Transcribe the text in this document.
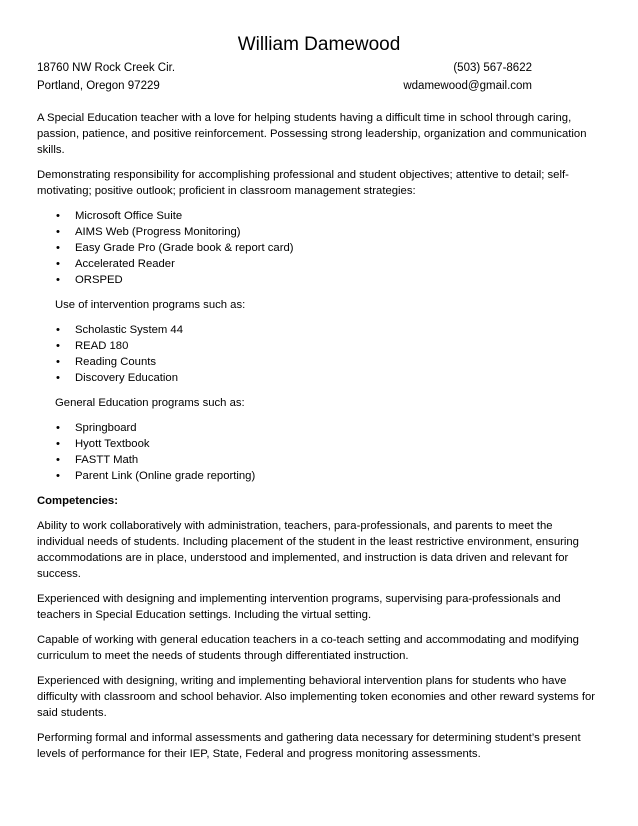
William Damewood
18760 NW Rock Creek Cir.
Portland, Oregon 97229
(503) 567-8622
wdamewood@gmail.com

A Special Education teacher with a love for helping students having a difficult time in school through caring, passion, patience, and positive reinforcement. Possessing strong leadership, organization and communication skills.

Demonstrating responsibility for accomplishing professional and student objectives; attentive to detail; self-motivating; positive outlook; proficient in classroom management strategies:

• Microsoft Office Suite
• AIMS Web (Progress Monitoring)
• Easy Grade Pro (Grade book & report card)
• Accelerated Reader
• ORSPED

Use of intervention programs such as:

• Scholastic System 44
• READ 180
• Reading Counts
• Discovery Education

General Education programs such as:

• Springboard
• Hyott Textbook
• FASTT Math
• Parent Link (Online grade reporting)

Competencies:

Ability to work collaboratively with administration, teachers, para-professionals, and parents to meet the individual needs of students. Including placement of the student in the least restrictive environment, ensuring accommodations are in place, understood and implemented, and instruction is data driven and relevant for success.

Experienced with designing and implementing intervention programs, supervising para-professionals and teachers in Special Education settings. Including the virtual setting.

Capable of working with general education teachers in a co-teach setting and accommodating and modifying curriculum to meet the needs of students through differentiated instruction.

Experienced with designing, writing and implementing behavioral intervention plans for students who have difficulty with classroom and school behavior. Also implementing token economies and other reward systems for said students.

Performing formal and informal assessments and gathering data necessary for determining student’s present levels of performance for their IEP, State, Federal and progress monitoring assessments.
